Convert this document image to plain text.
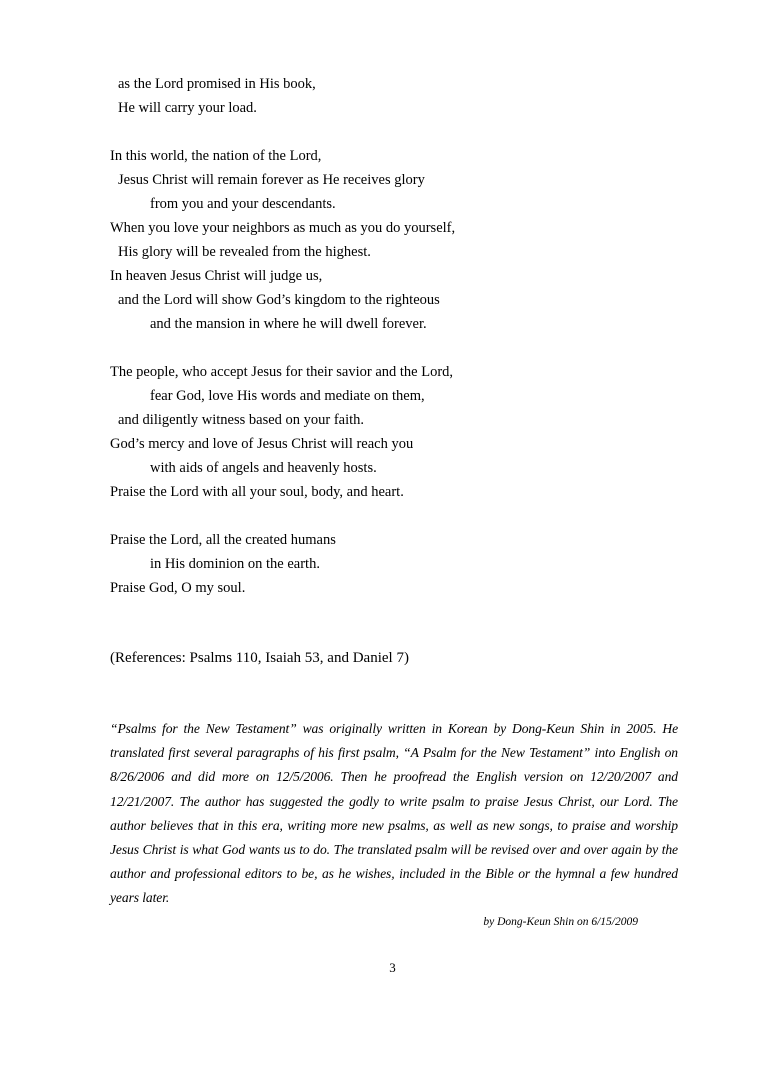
as the Lord promised in His book,
He will carry your load.
In this world, the nation of the Lord,
Jesus Christ will remain forever as He receives glory
from you and your descendants.
When you love your neighbors as much as you do yourself,
His glory will be revealed from the highest.
In heaven Jesus Christ will judge us,
and the Lord will show God’s kingdom to the righteous
and the mansion in where he will dwell forever.
The people, who accept Jesus for their savior and the Lord,
fear God, love His words and mediate on them,
and diligently witness based on your faith.
God’s mercy and love of Jesus Christ will reach you
with aids of angels and heavenly hosts.
Praise the Lord with all your soul, body, and heart.
Praise the Lord, all the created humans
in His dominion on the earth.
Praise God, O my soul.
(References: Psalms 110, Isaiah 53, and Daniel 7)
“Psalms for the New Testament” was originally written in Korean by Dong-Keun Shin in 2005. He translated first several paragraphs of his first psalm, “A Psalm for the New Testament” into English on 8/26/2006 and did more on 12/5/2006. Then he proofread the English version on 12/20/2007 and 12/21/2007. The author has suggested the godly to write psalm to praise Jesus Christ, our Lord. The author believes that in this era, writing more new psalms, as well as new songs, to praise and worship Jesus Christ is what God wants us to do. The translated psalm will be revised over and over again by the author and professional editors to be, as he wishes, included in the Bible or the hymnal a few hundred years later.
by Dong-Keun Shin on 6/15/2009
3
